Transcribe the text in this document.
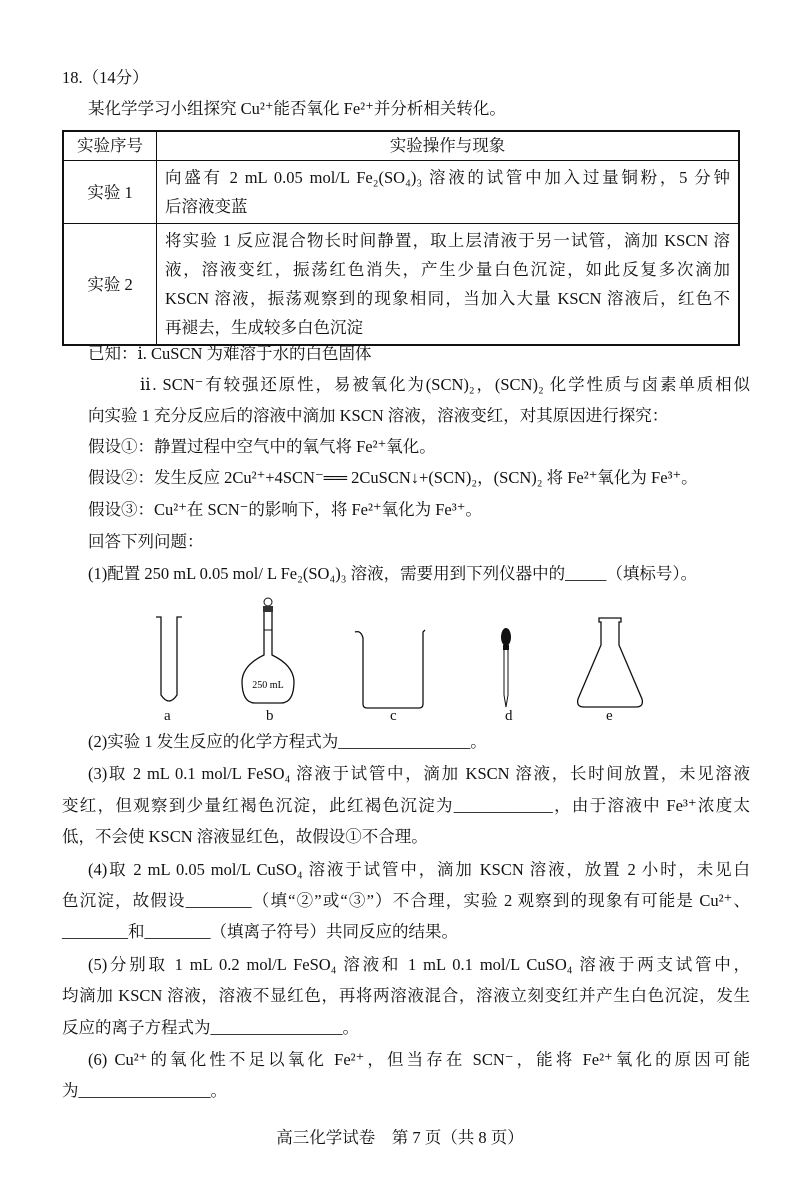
18.（14分）
某化学学习小组探究 Cu²⁺能否氧化 Fe²⁺并分析相关转化。
实验序号	实验操作与现象
实验 1	向盛有 2 mL 0.05 mol/L Fe₂(SO₄)₃ 溶液的试管中加入过量铜粉，5 分钟
后溶液变蓝

实验 2	将实验 1 反应混合物长时间静置，取上层清液于另一试管，滴加 KSCN 溶
液，溶液变红，振荡红色消失，产生少量白色沉淀，如此反复多次滴加
KSCN 溶液，振荡观察到的现象相同，当加入大量 KSCN 溶液后，红色不
再褪去，生成较多白色沉淀
已知：ⅰ. CuSCN 为难溶于水的白色固体
ⅱ. SCN⁻有较强还原性，易被氧化为(SCN)₂，(SCN)₂ 化学性质与卤素单质相似
向实验 1 充分反应后的溶液中滴加 KSCN 溶液，溶液变红，对其原因进行探究：
假设①：静置过程中空气中的氧气将 Fe²⁺氧化。
假设②：发生反应 2Cu²⁺+4SCN⁻══ 2CuSCN↓+(SCN)₂，(SCN)₂ 将 Fe²⁺氧化为 Fe³⁺。
假设③：Cu²⁺在 SCN⁻的影响下，将 Fe²⁺氧化为 Fe³⁺。
回答下列问题：
(1)配置 250 mL 0.05 mol/ L Fe₂(SO₄)₃ 溶液，需要用到下列仪器中的_____（填标号）。
250 mL
a	b	c	d	e
(2)实验 1 发生反应的化学方程式为________________。
(3)取 2 mL 0.1 mol/L FeSO₄ 溶液于试管中，滴加 KSCN 溶液，长时间放置，未见溶液
变红，但观察到少量红褐色沉淀，此红褐色沉淀为____________，由于溶液中 Fe³⁺浓度太
低，不会使 KSCN 溶液显红色，故假设①不合理。
(4)取 2 mL 0.05 mol/L CuSO₄ 溶液于试管中，滴加 KSCN 溶液，放置 2 小时，未见白
色沉淀，故假设________（填“②”或“③”）不合理，实验 2 观察到的现象有可能是 Cu²⁺、
________和________（填离子符号）共同反应的结果。
(5)分别取 1 mL 0.2 mol/L FeSO₄ 溶液和 1 mL 0.1 mol/L CuSO₄ 溶液于两支试管中，
均滴加 KSCN 溶液，溶液不显红色，再将两溶液混合，溶液立刻变红并产生白色沉淀，发生
反应的离子方程式为________________。
(6) Cu²⁺的氧化性不足以氧化 Fe²⁺，但当存在 SCN⁻，能将 Fe²⁺氧化的原因可能
为________________。
高三化学试卷　第 7 页（共 8 页）
